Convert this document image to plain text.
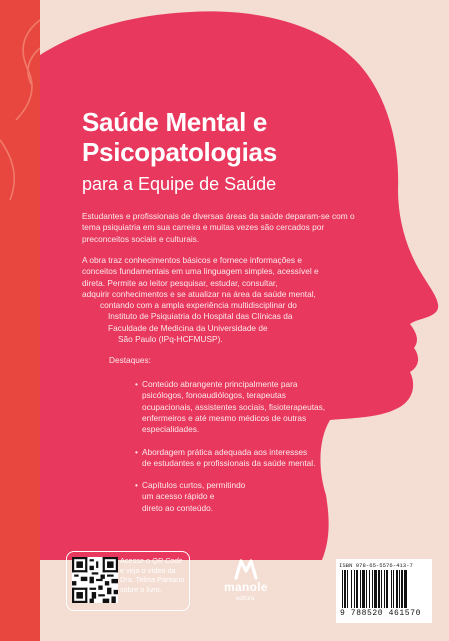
Saúde Mental e
Psicopatologias
para a Equipe de Saúde
Estudantes e profissionais de diversas áreas da saúde deparam-se com o tema psiquiatria em sua carreira e muitas vezes são cercados por preconceitos sociais e culturais.
A obra traz conhecimentos básicos e fornece informações e
conceitos fundamentais em uma linguagem simples, acessível e
direta. Permite ao leitor pesquisar, estudar, consultar,
adquirir conhecimentos e se atualizar na área da saúde mental,
contando com a ampla experiência multidisciplinar do
Instituto de Psiquiatria do Hospital das Clínicas da
Faculdade de Medicina da Universidade de
São Paulo (IPq-HCFMUSP).
Destaques:
• Conteúdo abrangente principalmente para
psicólogos, fonoaudiólogos, terapeutas
ocupacionais, assistentes sociais, fisioterapeutas,
enfermeiros e até mesmo médicos de outras
especialidades.
• Abordagem prática adequada aos interesses
de estudantes e profissionais da saúde mental.
• Capítulos curtos, permitindo
um acesso rápido e
direto ao conteúdo.
Acesse o QR Code
e veja o vídeo da
Dra. Telma Pantano
sobre o livro.	manole
editora
ISBN 978-65-5576-413-7
9 788520 461570
